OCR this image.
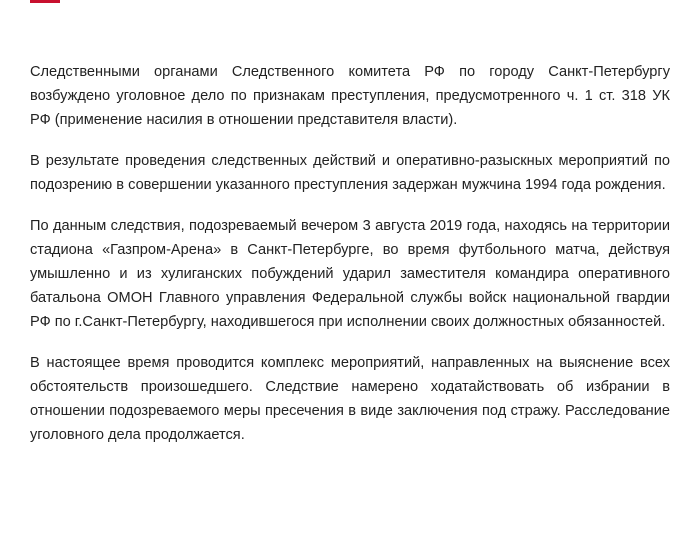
Следственными органами Следственного комитета РФ по городу Санкт-Петербургу возбуждено уголовное дело по признакам преступления, предусмотренного ч. 1 ст. 318 УК РФ (применение насилия в отношении представителя власти).

В результате проведения следственных действий и оперативно-разыскных мероприятий по подозрению в совершении указанного преступления задержан мужчина 1994 года рождения.

По данным следствия, подозреваемый вечером 3 августа 2019 года, находясь на территории стадиона «Газпром-Арена» в Санкт-Петербурге, во время футбольного матча, действуя умышленно и из хулиганских побуждений ударил заместителя командира оперативного батальона ОМОН Главного управления Федеральной службы войск национальной гвардии РФ по г.Санкт-Петербургу, находившегося при исполнении своих должностных обязанностей.

В настоящее время проводится комплекс мероприятий, направленных на выяснение всех обстоятельств произошедшего. Следствие намерено ходатайствовать об избрании в отношении подозреваемого меры пресечения в виде заключения под стражу. Расследование уголовного дела продолжается.
